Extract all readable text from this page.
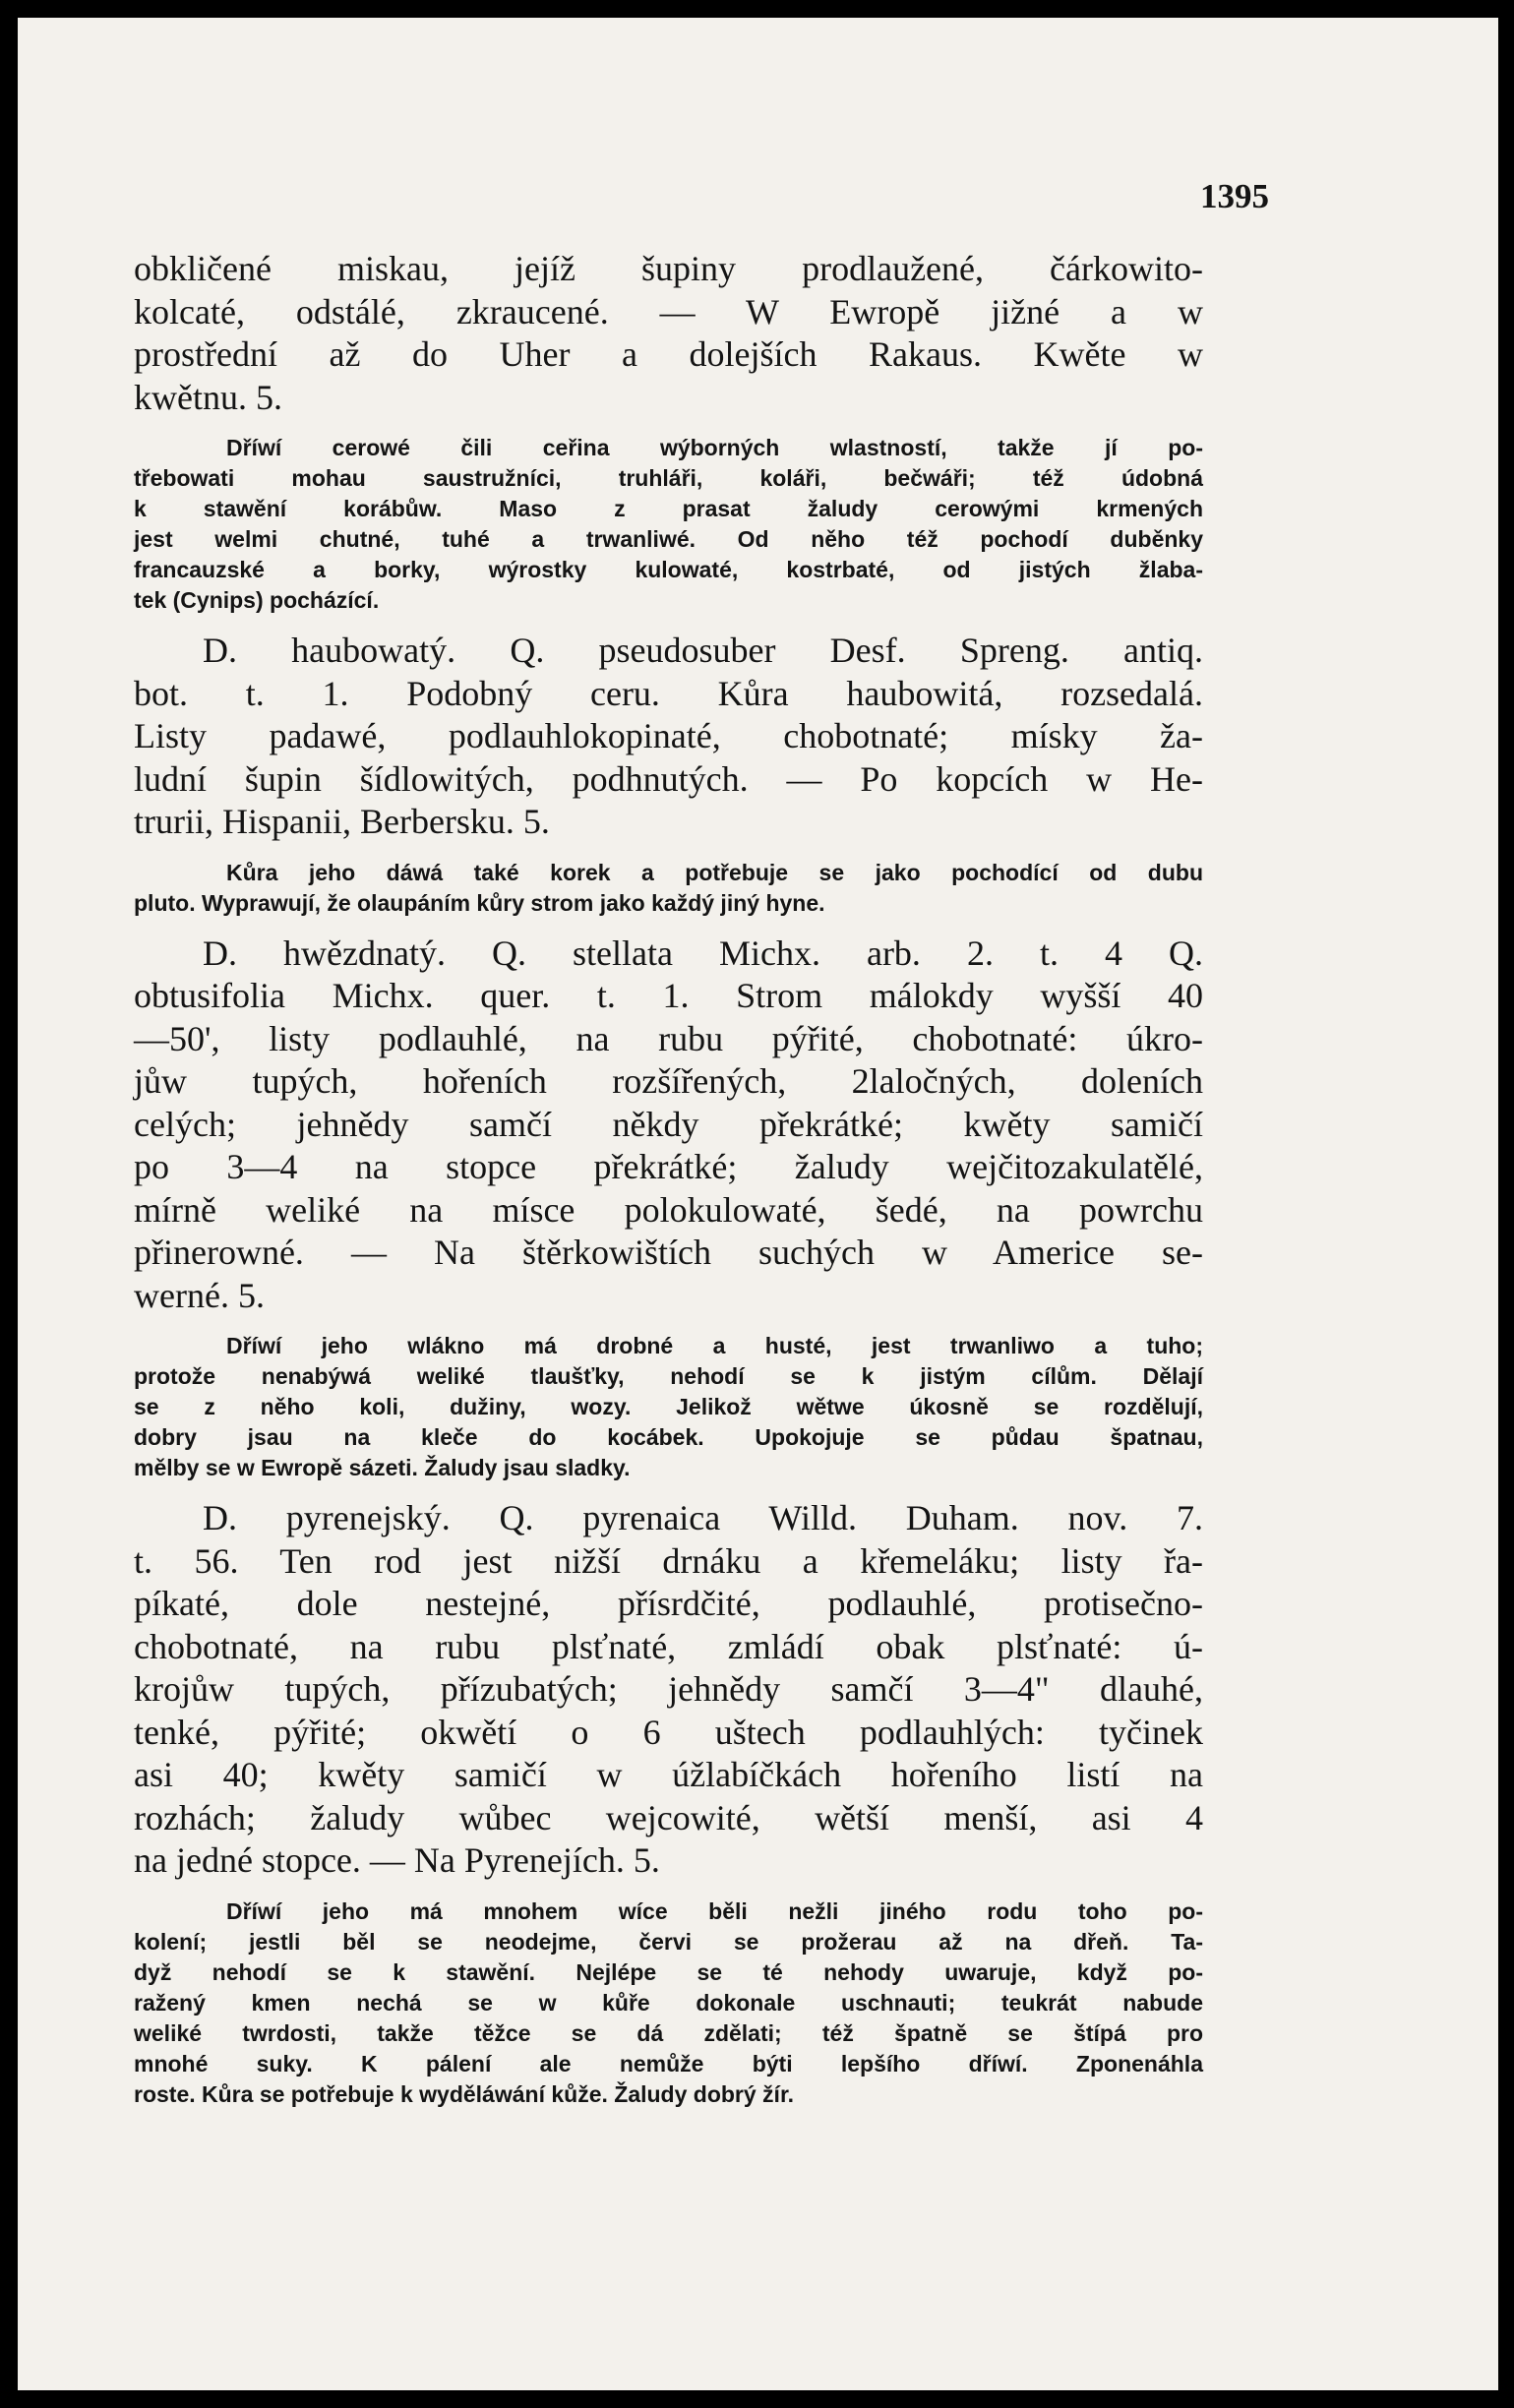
1395
obkličené miskau, jejíž šupiny prodlaužené, čárkowito-
kolcaté, odstálé, zkraucené. — W Ewropě jižné a w
prostřední až do Uher a dolejších Rakaus. Kwěte w
kwětnu. 5.
Dříwí cerowé čili ceřina wýborných wlastností, takže jí po-
třebowati mohau saustružníci, truhláři, koláři, bečwáři; též údobná
k stawění korábůw. Maso z prasat žaludy cerowými krmených
jest welmi chutné, tuhé a trwanliwé. Od něho též pochodí duběnky
francauzské a borky, wýrostky kulowaté, kostrbaté, od jistých žlaba-
tek (Cynips) pocházící.
D. haubowatý. Q. pseudosuber Desf. Spreng. antiq.
bot. t. 1. Podobný ceru. Kůra haubowitá, rozsedalá.
Listy padawé, podlauhlokopinaté, chobotnaté; mísky ža-
ludní šupin šídlowitých, podhnutých. — Po kopcích w He-
trurii, Hispanii, Berbersku. 5.
Kůra jeho dáwá také korek a potřebuje se jako pochodící od dubu
pluto. Wyprawují, že olaupáním kůry strom jako každý jiný hyne.
D. hwězdnatý. Q. stellata Michx. arb. 2. t. 4 Q.
obtusifolia Michx. quer. t. 1. Strom málokdy wyšší 40
—50', listy podlauhlé, na rubu pýřité, chobotnaté: úkro-
jůw tupých, hořeních rozšířených, 2laločných, doleních
celých; jehnědy samčí někdy překrátké; kwěty samičí
po 3—4 na stopce překrátké; žaludy wejčitozakulatělé,
mírně weliké na mísce polokulowaté, šedé, na powrchu
přinerowné. — Na štěrkowištích suchých w Americe se-
werné. 5.
Dříwí jeho wlákno má drobné a husté, jest trwanliwo a tuho;
protože nenabýwá weliké tlaušťky, nehodí se k jistým cílům. Dělají
se z něho koli, dužiny, wozy. Jelikož wětwe úkosně se rozdělují,
dobry jsau na kleče do kocábek. Upokojuje se půdau špatnau,
mělby se w Ewropě sázeti. Žaludy jsau sladky.
D. pyrenejský. Q. pyrenaica Willd. Duham. nov. 7.
t. 56. Ten rod jest nižší drnáku a křemeláku; listy řa-
píkaté, dole nestejné, přísrdčité, podlauhlé, protisečno-
chobotnaté, na rubu plsťnaté, zmládí obak plsťnaté: ú-
krojůw tupých, přízubatých; jehnědy samčí 3—4" dlauhé,
tenké, pýřité; okwětí o 6 uštech podlauhlých: tyčinek
asi 40; kwěty samičí w úžlabíčkách hořeního listí na
rozhách; žaludy wůbec wejcowité, wětší menší, asi 4
na jedné stopce. — Na Pyrenejích. 5.
Dříwí jeho má mnohem wíce běli nežli jiného rodu toho po-
kolení; jestli běl se neodejme, červi se prožerau až na dřeň. Ta-
dyž nehodí se k stawění. Nejlépe se té nehody uwaruje, když po-
ražený kmen nechá se w kůře dokonale uschnauti; teukrát nabude
weliké twrdosti, takže těžce se dá zdělati; též špatně se štípá pro
mnohé suky. K pálení ale nemůže býti lepšího dříwí. Zponenáhla
roste. Kůra se potřebuje k wyděláwání kůže. Žaludy dobrý žír.
